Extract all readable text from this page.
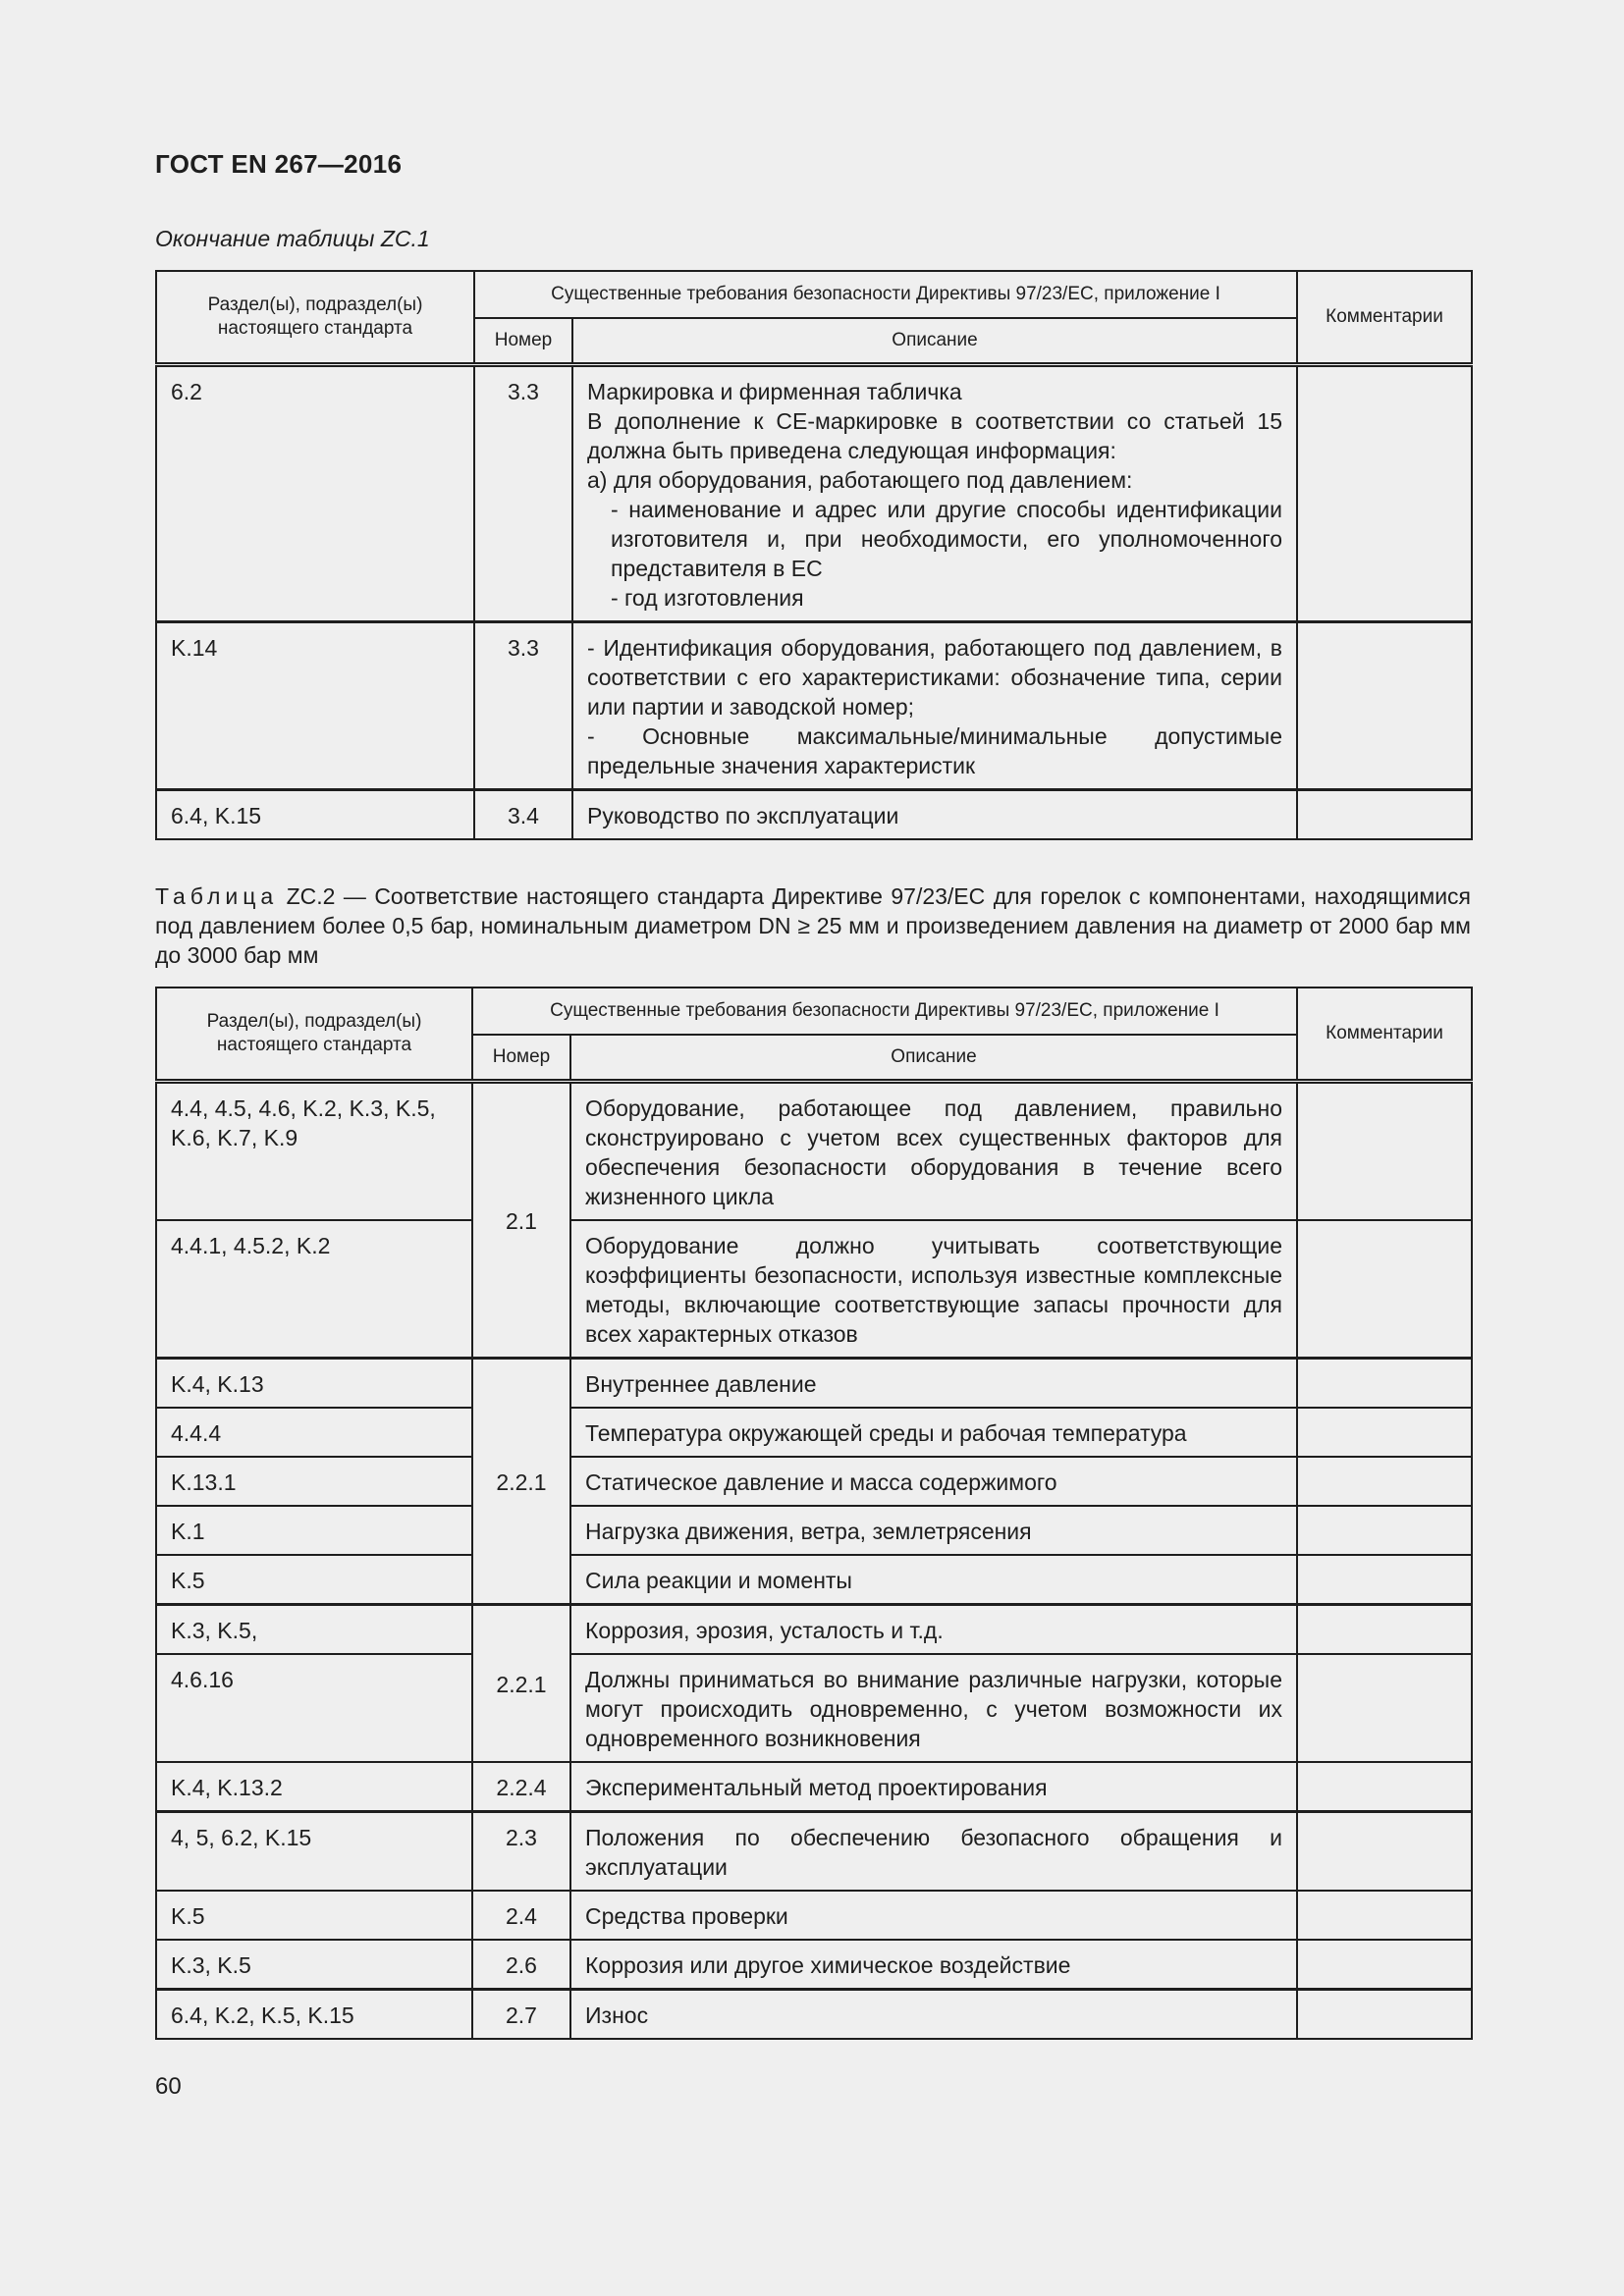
ГОСТ EN 267—2016
Окончание таблицы ZC.1
Раздел(ы), подраздел(ы) настоящего стандарта	Существенные требования безопасности Директивы 97/23/ЕС, приложение I		Комментарии
	Номер	Описание	
6.2	3.3	Маркировка и фирменная табличка
В дополнение к СЕ-маркировке в соответствии со статьей 15 должна быть приведена следующая информация:
а) для оборудования, работающего под давлением:
- наименование и адрес или другие способы идентификации изготовителя и, при необходимости, его уполномоченного представителя в ЕС
- год изготовления	

K.14	3.3	- Идентификация оборудования, работающего под давлением, в соответствии с его характеристиками: обозначение типа, серии или партии и заводской номер;
- Основные максимальные/минимальные допустимые предельные значения характеристик	

6.4, K.15	3.4	Руководство по эксплуатации	

Таблица ZC.2 — Соответствие настоящего стандарта Директиве 97/23/ЕС для горелок с компонентами, находящимися под давлением более 0,5 бар, номинальным диаметром DN ≥ 25 мм и произведением давления на диаметр от 2000 бар мм до 3000 бар мм
Раздел(ы), подраздел(ы) настоящего стандарта	Существенные требования безопасности Директивы 97/23/ЕС, приложение I		Комментарии
	Номер	Описание	
4.4, 4.5, 4.6, K.2, K.3, K.5, K.6, K.7, K.9	2.1	Оборудование, работающее под давлением, правильно сконструировано с учетом всех существенных факторов для обеспечения безопасности оборудования в течение всего жизненного цикла	
4.4.1, 4.5.2, K.2		Оборудование должно учитывать соответствующие коэффициенты безопасности, используя известные комплексные методы, включающие соответствующие запасы прочности для всех характерных отказов	
K.4, K.13	2.2.1	Внутреннее давление	
4.4.4		Температура окружающей среды и рабочая температура	
K.13.1		Статическое давление и масса содержимого	
K.1		Нагрузка движения, ветра, землетрясения	
K.5		Сила реакции и моменты	
K.3, K.5,	2.2.1	Коррозия, эрозия, усталость и т.д.	
4.6.16		Должны приниматься во внимание различные нагрузки, которые могут происходить одновременно, с учетом возможности их одновременного возникновения	
K.4, K.13.2	2.2.4	Экспериментальный метод проектирования	
4, 5, 6.2, K.15	2.3	Положения по обеспечению безопасного обращения и эксплуатации	
K.5	2.4	Средства проверки	
K.3, K.5	2.6	Коррозия или другое химическое воздействие	
6.4, K.2, K.5, K.15	2.7	Износ	
60
